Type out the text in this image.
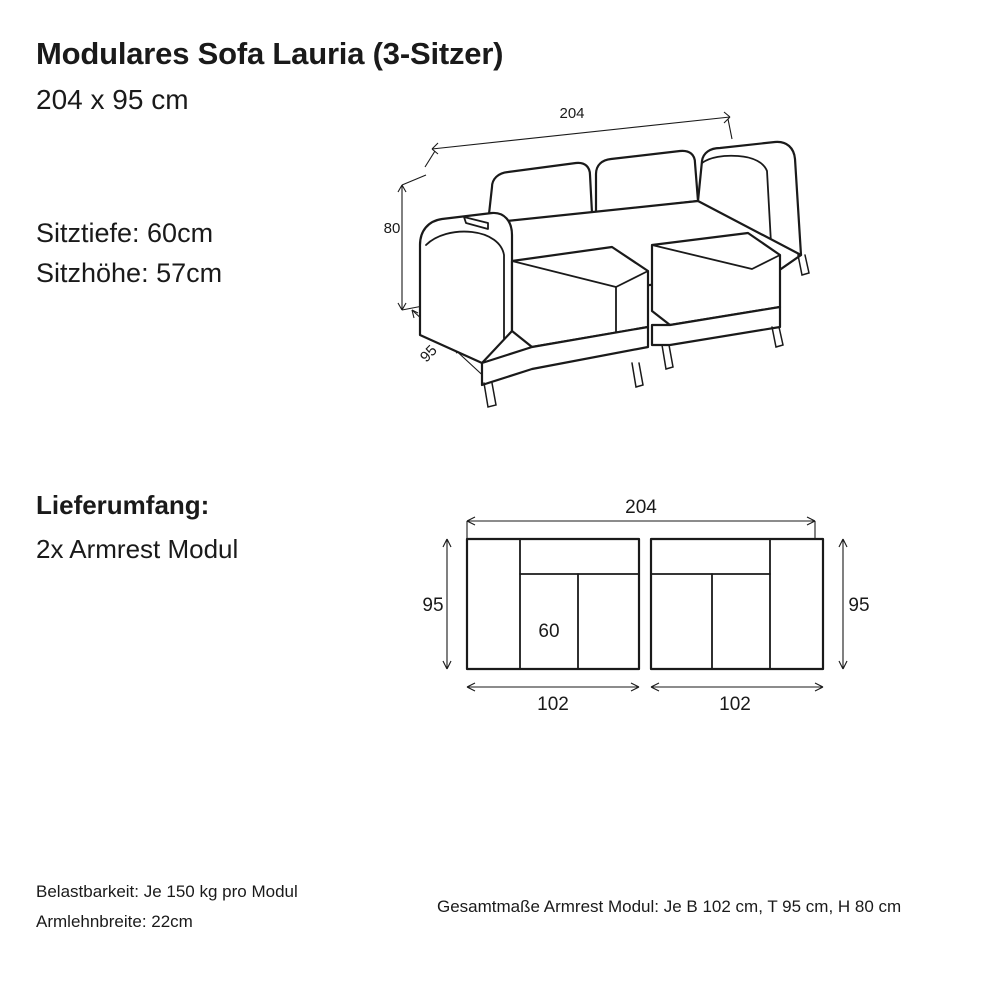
Modulares Sofa Lauria (3-Sitzer)
204 x 95 cm
Sitztiefe: 60cm
Sitzhöhe: 57cm
Lieferumfang:
2x Armrest Modul
Belastbarkeit: Je 150 kg pro Modul
Armlehnbreite: 22cm
Gesamtmaße Armrest Modul: Je B 102 cm, T 95 cm, H 80 cm
204
80
95
204
60
95
102
95
102
